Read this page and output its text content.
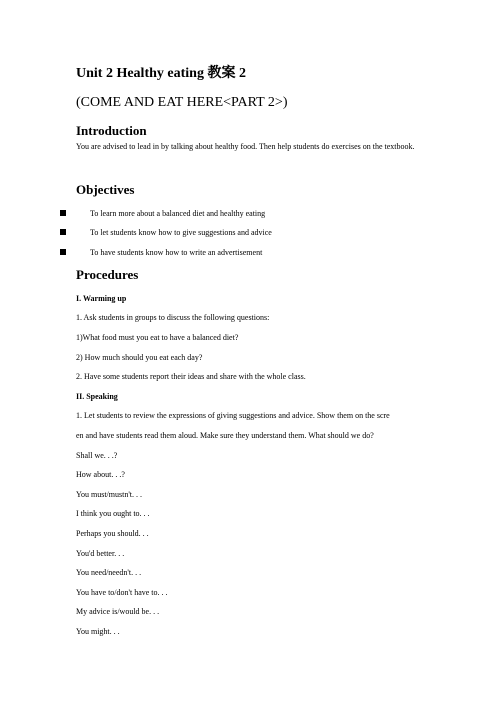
Unit 2 Healthy eating 教案 2
(COME AND EAT HERE<PART 2>)
Introduction
You are advised to lead in by talking about healthy food. Then help students do exercises on the textbook.
Objectives
To learn more about a balanced diet and healthy eating
To let students know how to give suggestions and advice
To have students know how to write an advertisement
Procedures
I. Warming up
1. Ask students in groups to discuss the following questions:
1)What food must you eat to have a balanced diet?
2) How much should you eat each day?
2. Have some students report their ideas and share with the whole class.
II. Speaking
1. Let students to review the expressions of giving suggestions and advice. Show them on the scre
en and have students read them aloud. Make sure they understand them. What should we do?
Shall we. . .?
How about. . .?
You must/mustn't. . .
I think you ought to. . .
Perhaps you should. . .
You'd better. . .
You need/needn't. . .
You have to/don't have to. . .
My advice is/would be. . .
You might. . .
